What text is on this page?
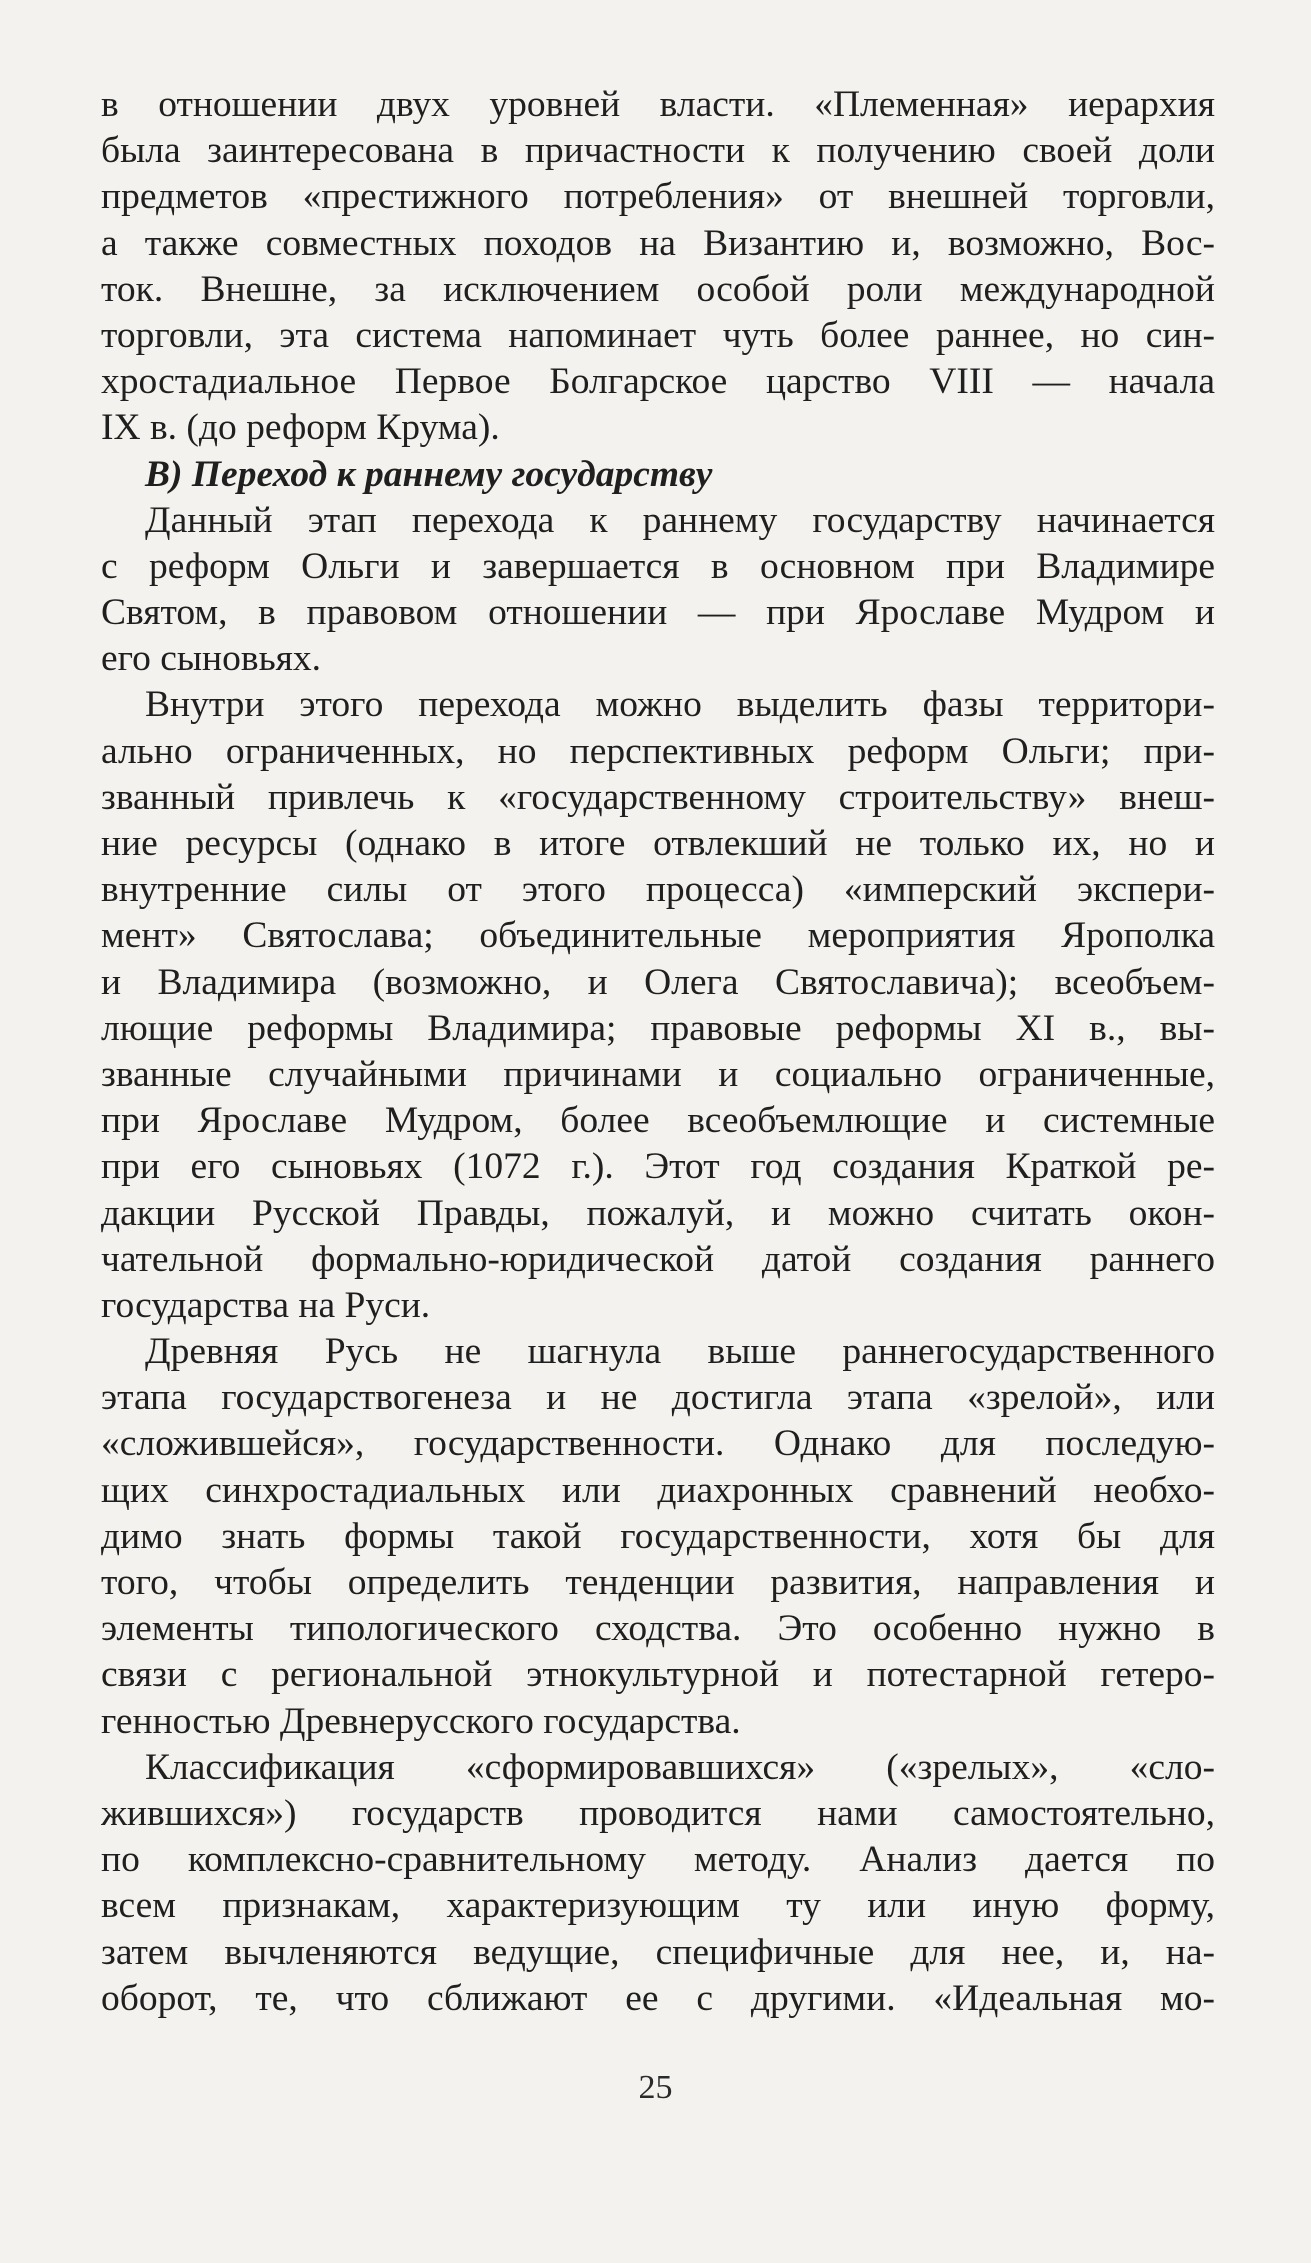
в отношении двух уровней власти. «Племенная» иерархия
была заинтересована в причастности к получению своей доли
предметов «престижного потребления» от внешней торговли,
а также совместных походов на Византию и, возможно, Вос-
ток. Внешне, за исключением особой роли международной
торговли, эта система напоминает чуть более раннее, но син-
хростадиальное Первое Болгарское царство VIII — начала
IX в. (до реформ Крума).
В) Переход к раннему государству
Данный этап перехода к раннему государству начинается
с реформ Ольги и завершается в основном при Владимире
Святом, в правовом отношении — при Ярославе Мудром и
его сыновьях.
Внутри этого перехода можно выделить фазы территори-
ально ограниченных, но перспективных реформ Ольги; при-
званный привлечь к «государственному строительству» внеш-
ние ресурсы (однако в итоге отвлекший не только их, но и
внутренние силы от этого процесса) «имперский экспери-
мент» Святослава; объединительные мероприятия Ярополка
и Владимира (возможно, и Олега Святославича); всеобъем-
лющие реформы Владимира; правовые реформы XI в., вы-
званные случайными причинами и социально ограниченные,
при Ярославе Мудром, более всеобъемлющие и системные
при его сыновьях (1072 г.). Этот год создания Краткой ре-
дакции Русской Правды, пожалуй, и можно считать окон-
чательной формально-юридической датой создания раннего
государства на Руси.
Древняя Русь не шагнула выше раннегосударственного
этапа государствогенеза и не достигла этапа «зрелой», или
«сложившейся», государственности. Однако для последую-
щих синхростадиальных или диахронных сравнений необхо-
димо знать формы такой государственности, хотя бы для
того, чтобы определить тенденции развития, направления и
элементы типологического сходства. Это особенно нужно в
связи с региональной этнокультурной и потестарной гетеро-
генностью Древнерусского государства.
Классификация «сформировавшихся» («зрелых», «сло-
жившихся») государств проводится нами самостоятельно,
по комплексно-сравнительному методу. Анализ дается по
всем признакам, характеризующим ту или иную форму,
затем вычленяются ведущие, специфичные для нее, и, на-
оборот, те, что сближают ее с другими. «Идеальная мо-
25
